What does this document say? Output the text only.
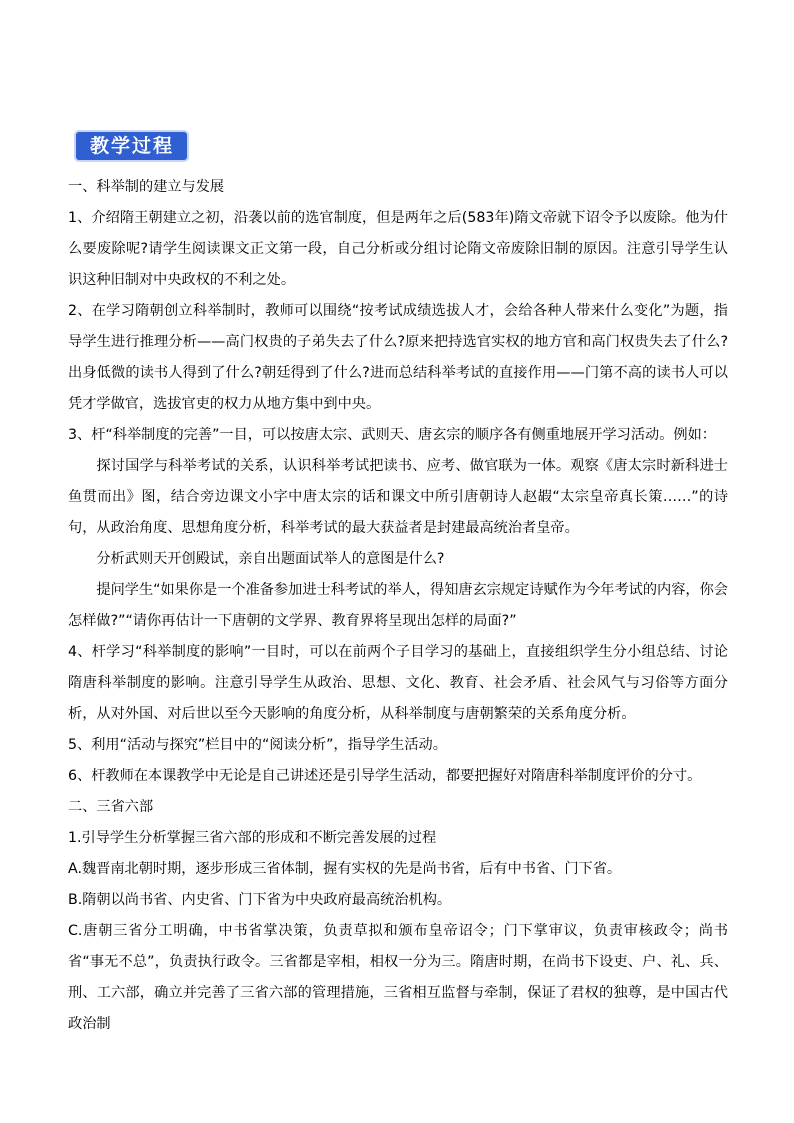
教学过程

一、科举制的建立与发展

1、介绍隋王朝建立之初，沿袭以前的选官制度，但是两年之后(583年)隋文帝就下诏令予以废除。他为什么要废除呢?请学生阅读课文正文第一段，自己分析或分组讨论隋文帝废除旧制的原因。注意引导学生认识这种旧制对中央政权的不利之处。

2、在学习隋朝创立科举制时，教师可以围绕“按考试成绩选拔人才，会给各种人带来什么变化”为题，指导学生进行推理分析——高门权贵的子弟失去了什么?原来把持选官实权的地方官和高门权贵失去了什么?出身低微的读书人得到了什么?朝廷得到了什么?进而总结科举考试的直接作用——门第不高的读书人可以凭才学做官，选拔官吏的权力从地方集中到中央。

3、杆“科举制度的完善”一目，可以按唐太宗、武则天、唐玄宗的顺序各有侧重地展开学习活动。例如：

探讨国学与科举考试的关系，认识科举考试把读书、应考、做官联为一体。观察《唐太宗时新科进士鱼贯而出》图，结合旁边课文小字中唐太宗的话和课文中所引唐朝诗人赵嘏“太宗皇帝真长策……”的诗句，从政治角度、思想角度分析，科举考试的最大获益者是封建最高统治者皇帝。

分析武则天开创殿试，亲自出题面试举人的意图是什么?

提问学生“如果你是一个准备参加进士科考试的举人，得知唐玄宗规定诗赋作为今年考试的内容，你会怎样做?”“请你再估计一下唐朝的文学界、教育界将呈现出怎样的局面?”

4、杆学习“科举制度的影响”一目时，可以在前两个子目学习的基础上，直接组织学生分小组总结、讨论隋唐科举制度的影响。注意引导学生从政治、思想、文化、教育、社会矛盾、社会风气与习俗等方面分析，从对外国、对后世以至今天影响的角度分析，从科举制度与唐朝繁荣的关系角度分析。

5、利用“活动与探究”栏目中的“阅读分析”，指导学生活动。

6、杆教师在本课教学中无论是自己讲述还是引导学生活动，都要把握好对隋唐科举制度评价的分寸。

二、三省六部

1.引导学生分析掌握三省六部的形成和不断完善发展的过程

A.魏晋南北朝时期，逐步形成三省体制，握有实权的先是尚书省，后有中书省、门下省。

B.隋朝以尚书省、内史省、门下省为中央政府最高统治机构。

C.唐朝三省分工明确，中书省掌决策，负责草拟和颁布皇帝诏令；门下掌审议，负责审核政令；尚书省“事无不总”，负责执行政令。三省都是宰相，相权一分为三。隋唐时期，在尚书下设吏、户、礼、兵、刑、工六部，确立并完善了三省六部的管理措施，三省相互监督与牵制，保证了君权的独尊，是中国古代政治制
